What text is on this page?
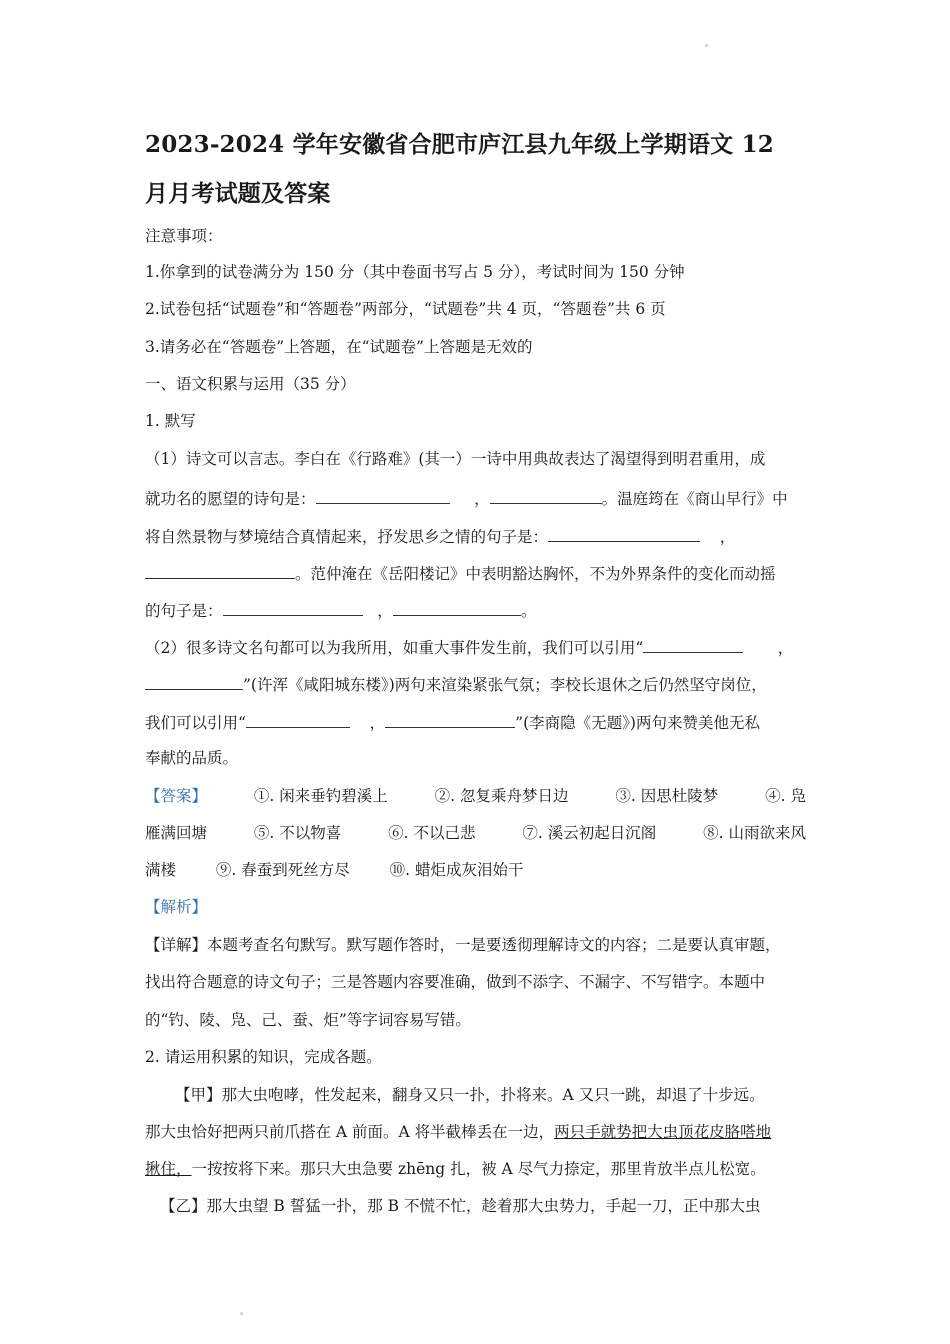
2023-2024 学年安徽省合肥市庐江县九年级上学期语文 12
月月考试题及答案
注意事项：
1.你拿到的试卷满分为 150 分（其中卷面书写占 5 分），考试时间为 150 分钟
2.试卷包括“试题卷”和“答题卷”两部分，“试题卷”共 4 页，“答题卷”共 6 页
3.请务必在“答题卷”上答题，在“试题卷”上答题是无效的
一、语文积累与运用（35 分）
1. 默写
（1）诗文可以言志。李白在《行路难》(其一）一诗中用典故表达了渴望得到明君重用，成
就功名的愿望的诗句是：	，	。温庭筠在《商山早行》中
将自然景物与梦境结合真情起来，抒发思乡之情的句子是：	，
。范仲淹在《岳阳楼记》中表明豁达胸怀，不为外界条件的变化而动摇
的句子是：	，	。
（2）很多诗文名句都可以为我所用，如重大事件发生前，我们可以引用“	，
”(许浑《咸阳城东楼》)两句来渲染紧张气氛；李校长退休之后仍然坚守岗位，
我们可以引用“	，	”(李商隐《无题》)两句来赞美他无私
奉献的品质。
【答案】	①. 闲来垂钓碧溪上	②. 忽复乘舟梦日边	③. 因思杜陵梦	④. 凫
雁满回塘	⑤. 不以物喜	⑥. 不以己悲	⑦. 溪云初起日沉阁	⑧. 山雨欲来风
满楼	⑨. 春蚕到死丝方尽	⑩. 蜡炬成灰泪始干
【解析】
【详解】本题考查名句默写。默写题作答时，一是要透彻理解诗文的内容；二是要认真审题，
找出符合题意的诗文句子；三是答题内容要准确，做到不添字、不漏字、不写错字。本题中
的“钓、陵、凫、己、蚕、炬”等字词容易写错。
2. 请运用积累的知识，完成各题。
【甲】那大虫咆哮，性发起来，翻身又只一扑，扑将来。A 又只一跳，却退了十步远。
那大虫恰好把两只前爪搭在 A 前面。A 将半截棒丢在一边，两只手就势把大虫顶花皮胳嗒地
揪住，一按按将下来。那只大虫急要 zhēng 扎，被 A 尽气力捺定，那里肯放半点儿松宽。
【乙】那大虫望 B 誓猛一扑，那 B 不慌不忙，趁着那大虫势力，手起一刀，正中那大虫
